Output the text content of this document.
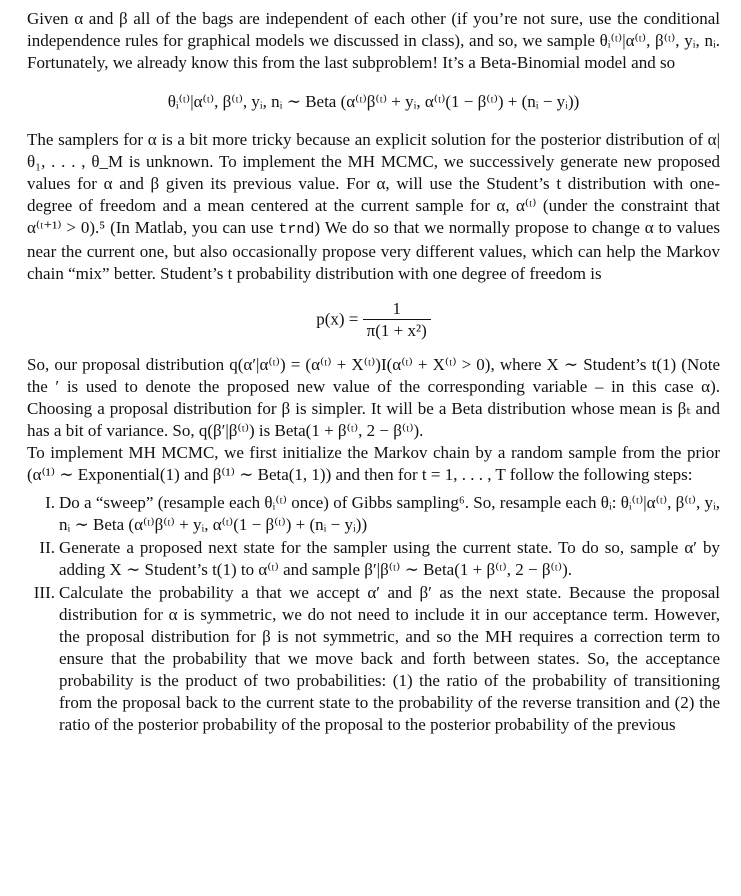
Given α and β all of the bags are independent of each other (if you’re not sure, use the conditional independence rules for graphical models we discussed in class), and so, we sample θᵢ⁽ᵗ⁾|α⁽ᵗ⁾, β⁽ᵗ⁾, yᵢ, nᵢ. Fortunately, we already know this from the last subproblem! It’s a Beta-Binomial model and so

θᵢ⁽ᵗ⁾|α⁽ᵗ⁾, β⁽ᵗ⁾, yᵢ, nᵢ ∼ Beta (α⁽ᵗ⁾β⁽ᵗ⁾ + yᵢ, α⁽ᵗ⁾(1 − β⁽ᵗ⁾) + (nᵢ − yᵢ))

The samplers for α is a bit more tricky because an explicit solution for the posterior distribution of α|θ₁, . . . , θ_M is unknown. To implement the MH MCMC, we successively generate new proposed values for α and β given its previous value. For α, will use the Student’s t distribution with one-degree of freedom and a mean centered at the current sample for α, α⁽ᵗ⁾ (under the constraint that α⁽ᵗ⁺¹⁾ > 0).⁵ (In Matlab, you can use trnd) We do so that we normally propose to change α to values near the current one, but also occasionally propose very different values, which can help the Markov chain “mix” better. Student’s t probability distribution with one degree of freedom is

$p(x) = \frac{1}{\text{π(1 + x²)}}$

So, our proposal distribution q(α′|α⁽ᵗ⁾) = (α⁽ᵗ⁾ + X⁽ᵗ⁾)I(α⁽ᵗ⁾ + X⁽ᵗ⁾ > 0), where X ∼ Student’s t(1) (Note the ′ is used to denote the proposed new value of the corresponding variable – in this case α). Choosing a proposal distribution for β is simpler. It will be a Beta distribution whose mean is βₜ and has a bit of variance. So, q(β′|β⁽ᵗ⁾) is Beta(1 + β⁽ᵗ⁾, 2 − β⁽ᵗ⁾).

To implement MH MCMC, we first initialize the Markov chain by a random sample from the prior (α⁽¹⁾ ∼ Exponential(1) and β⁽¹⁾ ∼ Beta(1, 1)) and then for t = 1, . . . , T follow the following steps:

I. Do a “sweep” (resample each θᵢ⁽ᵗ⁾ once) of Gibbs sampling⁶. So, resample each θᵢ: θᵢ⁽ᵗ⁾|α⁽ᵗ⁾, β⁽ᵗ⁾, yᵢ, nᵢ ∼ Beta (α⁽ᵗ⁾β⁽ᵗ⁾ + yᵢ, α⁽ᵗ⁾(1 − β⁽ᵗ⁾) + (nᵢ − yᵢ))
II. Generate a proposed next state for the sampler using the current state. To do so, sample α′ by adding X ∼ Student’s t(1) to α⁽ᵗ⁾ and sample β′|β⁽ᵗ⁾ ∼ Beta(1 + β⁽ᵗ⁾, 2 − β⁽ᵗ⁾).
III. Calculate the probability a that we accept α′ and β′ as the next state. Because the proposal distribution for α is symmetric, we do not need to include it in our acceptance term. However, the proposal distribution for β is not symmetric, and so the MH requires a correction term to ensure that the probability that we move back and forth between states. So, the acceptance probability is the product of two probabilities: (1) the ratio of the probability of transitioning from the proposal back to the current state to the probability of the reverse transition and (2) the ratio of the posterior probability of the proposal to the posterior probability of the previous
